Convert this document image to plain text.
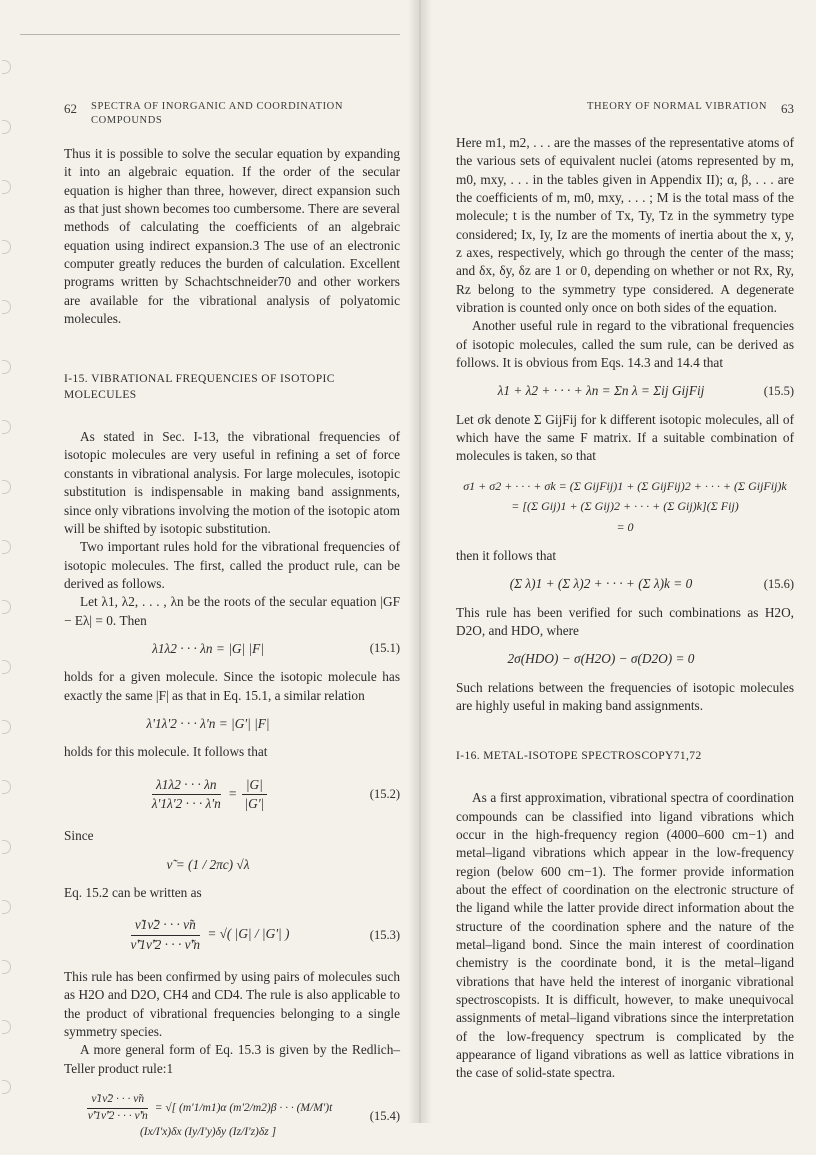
62 SPECTRA OF INORGANIC AND COORDINATION COMPOUNDS

Thus it is possible to solve the secular equation by expanding it into an algebraic equation. If the order of the secular equation is higher than three, however, direct expansion such as that just shown becomes too cumbersome. There are several methods of calculating the coefficients of an algebraic equation using indirect expansion.3 The use of an electronic computer greatly reduces the burden of calculation. Excellent programs written by Schachtschneider70 and other workers are available for the vibrational analysis of polyatomic molecules.

I-15. VIBRATIONAL FREQUENCIES OF ISOTOPIC MOLECULES

As stated in Sec. I-13, the vibrational frequencies of isotopic molecules are very useful in refining a set of force constants in vibrational analysis. For large molecules, isotopic substitution is indispensable in making band assignments, since only vibrations involving the motion of the isotopic atom will be shifted by isotopic substitution.

Two important rules hold for the vibrational frequencies of isotopic molecules. The first, called the product rule, can be derived as follows.

Let λ1, λ2, . . . , λn be the roots of the secular equation |GF − Eλ| = 0. Then

λ1λ2 · · · λn = |G| |F|	(15.1)

holds for a given molecule. Since the isotopic molecule has exactly the same |F| as that in Eq. 15.1, a similar relation

λ'1λ'2 · · · λ'n = |G'| |F|

holds for this molecule. It follows that

$\frac{\lambda 1\lambda 2 \cdot \cdot \cdot \lambda n}{\lambda'1\lambda'2 \cdot \cdot \cdot \lambda'n} = \frac{|G|}{|G'|}$	(15.2)
Since
ν̃ = (1 / 2πc) √λ

Eq. 15.2 can be written as

$\frac{\nũ1\nũ2 \cdot \cdot \cdot \nũn}{\nũ'1\nũ'2 \cdot \cdot \cdot \nũ'n}$ = √( |G| / |G'| )	(15.3)

This rule has been confirmed by using pairs of molecules such as H2O and D2O, CH4 and CD4. The rule is also applicable to the product of vibrational frequencies belonging to a single symmetry species.

A more general form of Eq. 15.3 is given by the Redlich–Teller product rule:1

$\frac{\nũ1\nũ2 \cdot \cdot \cdot \nũn}{\nũ'1\nũ'2 \cdot \cdot \cdot \nũ'n}$ = √[ (m'1/m1)α (m'2/m2)β · · · (M/M')t (Ix/I'x)δx (Iy/I'y)δy (Iz/I'z)δz ]
(15.4)
THEORY OF NORMAL VIBRATION 63

Here m1, m2, . . . are the masses of the representative atoms of the various sets of equivalent nuclei (atoms represented by m, m0, mxy, . . . in the tables given in Appendix II); α, β, . . . are the coefficients of m, m0, mxy, . . . ; M is the total mass of the molecule; t is the number of Tx, Ty, Tz in the symmetry type considered; Ix, Iy, Iz are the moments of inertia about the x, y, z axes, respectively, which go through the center of the mass; and δx, δy, δz are 1 or 0, depending on whether or not Rx, Ry, Rz belong to the symmetry type considered. A degenerate vibration is counted only once on both sides of the equation.

Another useful rule in regard to the vibrational frequencies of isotopic molecules, called the sum rule, can be derived as follows. It is obvious from Eqs. 14.3 and 14.4 that

λ1 + λ2 + · · · + λn = Σn λ = Σij GijFij	(15.5)

Let σk denote Σ GijFij for k different isotopic molecules, all of which have the same F matrix. If a suitable combination of molecules is taken, so that

σ1 + σ2 + · · · + σk = (Σ GijFij)1 + (Σ GijFij)2 + · · · + (Σ GijFij)k
= [(Σ Gij)1 + (Σ Gij)2 + · · · + (Σ Gij)k](Σ Fij)
= 0

then it follows that

(Σ λ)1 + (Σ λ)2 + · · · + (Σ λ)k = 0	(15.6)

This rule has been verified for such combinations as H2O, D2O, and HDO, where

2σ(HDO) − σ(H2O) − σ(D2O) = 0

Such relations between the frequencies of isotopic molecules are highly useful in making band assignments.

I-16. METAL-ISOTOPE SPECTROSCOPY71,72

As a first approximation, vibrational spectra of coordination compounds can be classified into ligand vibrations which occur in the high-frequency region (4000–600 cm−1) and metal–ligand vibrations which appear in the low-frequency region (below 600 cm−1). The former provide information about the effect of coordination on the electronic structure of the ligand while the latter provide direct information about the structure of the coordination sphere and the nature of the metal–ligand bond. Since the main interest of coordination chemistry is the coordinate bond, it is the metal–ligand vibrations that have held the interest of inorganic vibrational spectroscopists. It is difficult, however, to make unequivocal assignments of metal–ligand vibrations since the interpretation of the low-frequency spectrum is complicated by the appearance of ligand vibrations as well as lattice vibrations in the case of solid-state spectra.
